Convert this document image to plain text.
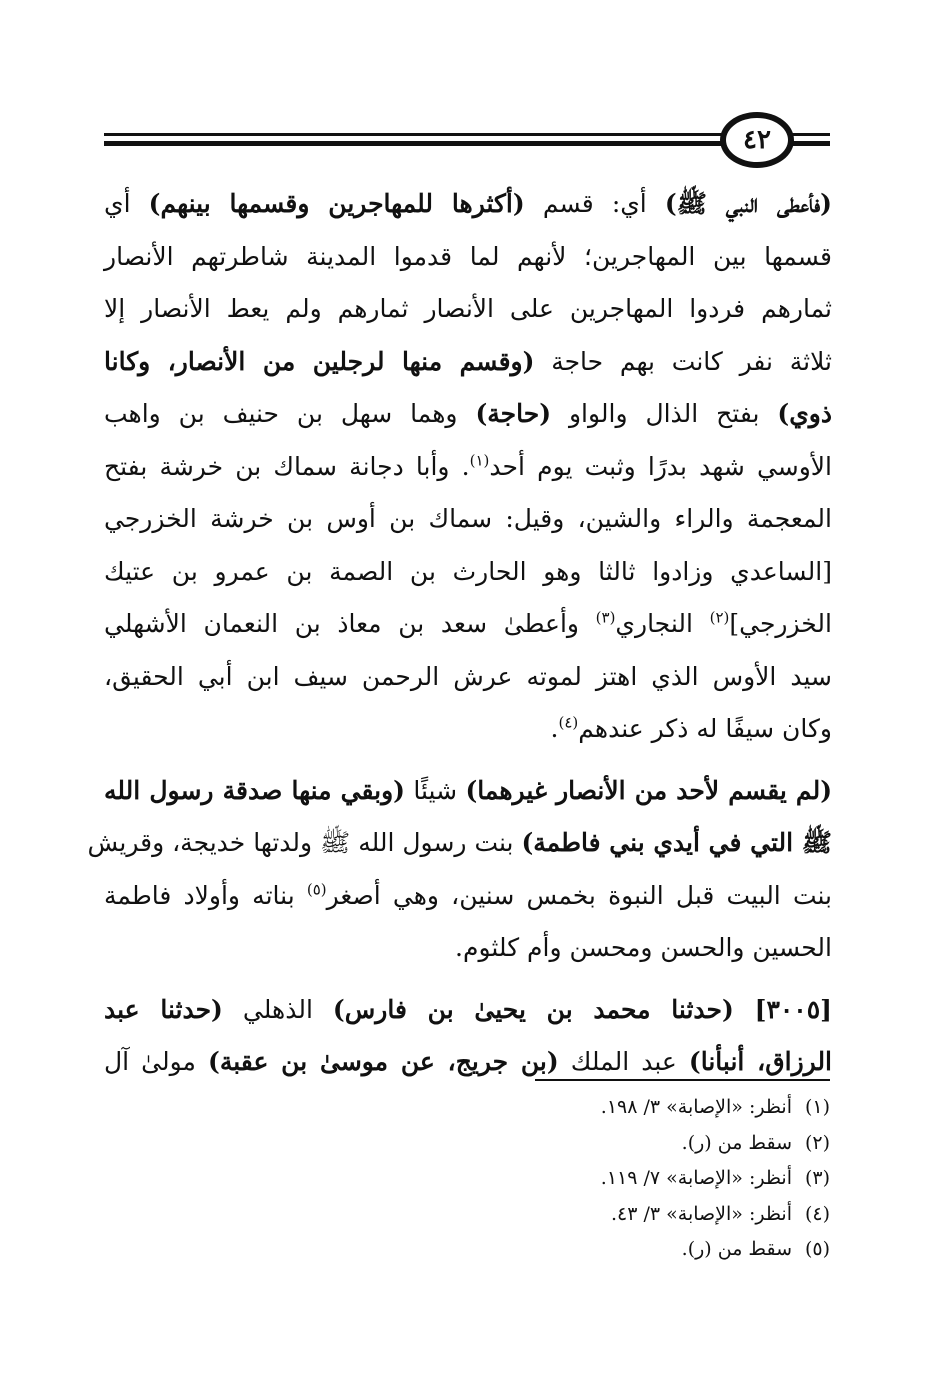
٤٢
(فأعطى النبي ﷺ) أي: قسم (أكثرها للمهاجرين وقسمها بينهم) أي
قسمها بين المهاجرين؛ لأنهم لما قدموا المدينة شاطرتهم الأنصار
ثمارهم فردوا المهاجرين على الأنصار ثمارهم ولم يعط الأنصار إلا
ثلاثة نفر كانت بهم حاجة (وقسم منها لرجلين من الأنصار، وكانا
ذوي) بفتح الذال والواو (حاجة) وهما سهل بن حنيف بن واهب
الأوسي شهد بدرًا وثبت يوم أحد$^{(١)}$. وأبا دجانة سماك بن خرشة بفتح
المعجمة والراء والشين، وقيل: سماك بن أوس بن خرشة الخزرجي
[الساعدي وزادوا ثالثا وهو الحارث بن الصمة بن عمرو بن عتيك
الخزرجي]$^{(٢)}$ النجاري$^{(٣)}$ وأعطىٰ سعد بن معاذ بن النعمان الأشهلي
سيد الأوس الذي اهتز لموته عرش الرحمن سيف ابن أبي الحقيق،
وكان سيفًا له ذكر عندهم$^{(٤)}$.
(لم يقسم لأحد من الأنصار غيرهما) شيئًا (وبقي منها صدقة رسول الله
ﷺ التي في أيدي بني فاطمة) بنت رسول الله ﷺ ولدتها خديجة، وقريش
بنت البيت قبل النبوة بخمس سنين، وهي أصغر$^{(٥)}$ بناته وأولاد فاطمة
الحسين والحسن ومحسن وأم كلثوم.
[٣٠٠٥] (حدثنا محمد بن يحيىٰ بن فارس) الذهلي (حدثنا عبد
الرزاق، أنبأنا) عبد الملك (بن جريج، عن موسىٰ بن عقبة) مولىٰ آل
(١)أنظر: «الإصابة» ٣/ ١٩٨.
(٢)سقط من (ر).
(٣)أنظر: «الإصابة» ٧/ ١١٩.
(٤)أنظر: «الإصابة» ٣/ ٤٣.
(٥)سقط من (ر).
